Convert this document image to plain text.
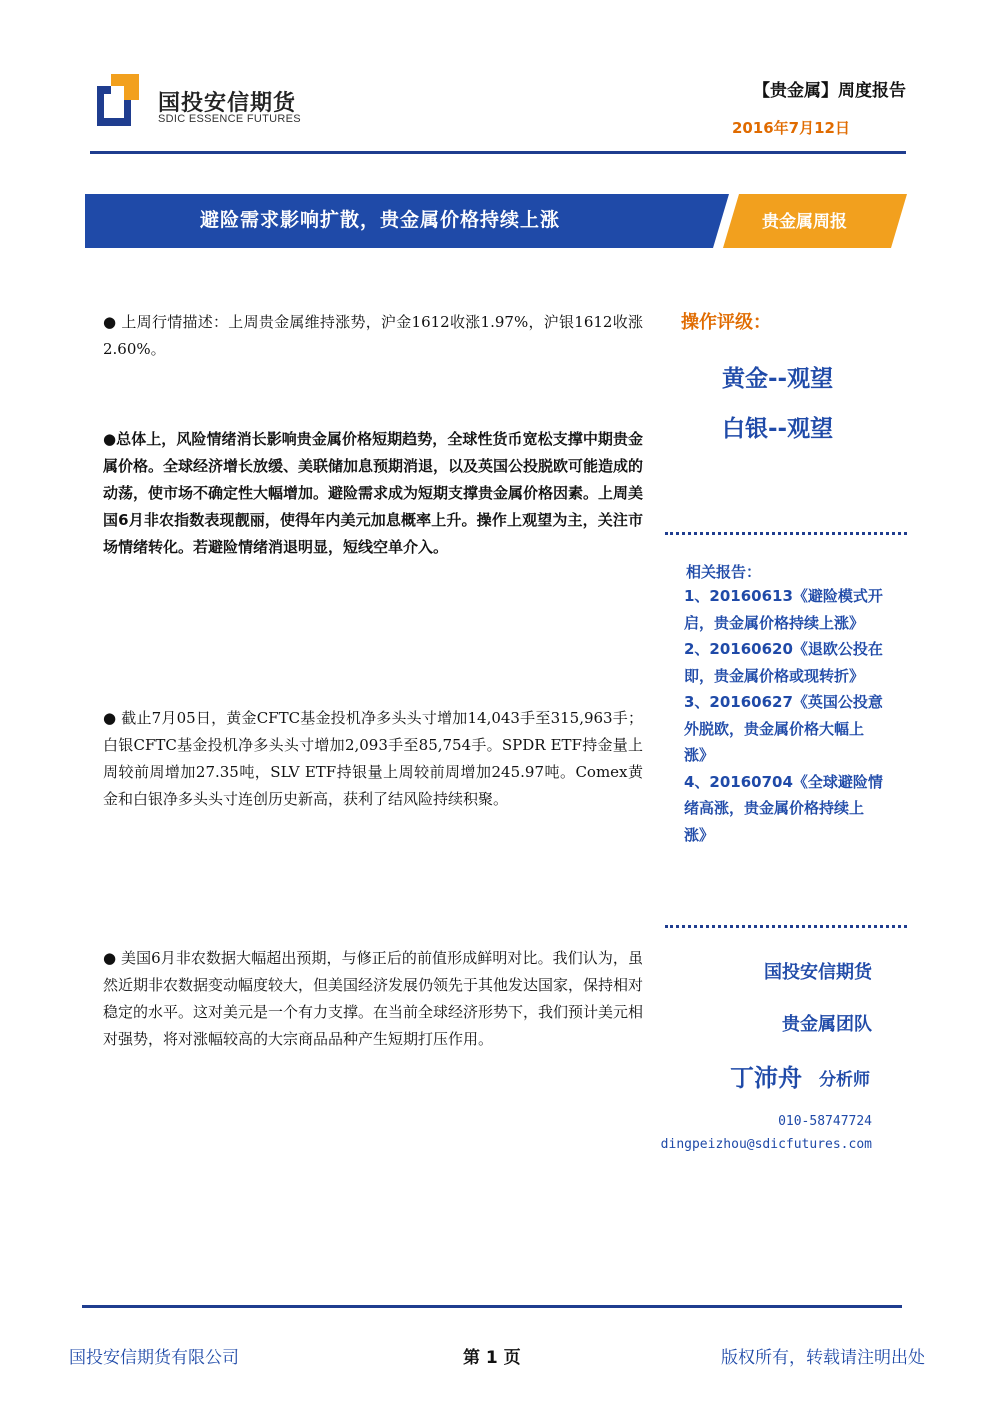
国投安信期货
SDIC ESSENCE FUTURES
【贵金属】周度报告
2016年7月12日
避险需求影响扩散，贵金属价格持续上涨	贵金属周报
● 上周行情描述：上周贵金属维持涨势，沪金1612收涨1.97%，沪银1612收涨2.60%。
●总体上，风险情绪消长影响贵金属价格短期趋势，全球性货币宽松支撑中期贵金属价格。全球经济增长放缓、美联储加息预期消退，以及英国公投脱欧可能造成的动荡，使市场不确定性大幅增加。避险需求成为短期支撑贵金属价格因素。上周美国6月非农指数表现靓丽，使得年内美元加息概率上升。操作上观望为主，关注市场情绪转化。若避险情绪消退明显，短线空单介入。
● 截止7月05日，黄金CFTC基金投机净多头头寸增加14,043手至315,963手；白银CFTC基金投机净多头头寸增加2,093手至85,754手。SPDR ETF持金量上周较前周增加27.35吨，SLV ETF持银量上周较前周增加245.97吨。Comex黄金和白银净多头头寸连创历史新高，获利了结风险持续积聚。
● 美国6月非农数据大幅超出预期，与修正后的前值形成鲜明对比。我们认为，虽然近期非农数据变动幅度较大，但美国经济发展仍领先于其他发达国家，保持相对稳定的水平。这对美元是一个有力支撑。在当前全球经济形势下，我们预计美元相对强势，将对涨幅较高的大宗商品品种产生短期打压作用。
操作评级：
黄金--观望
白银--观望
相关报告：
1、20160613《避险模式开启，贵金属价格持续上涨》
2、20160620《退欧公投在即，贵金属价格或现转折》
3、20160627《英国公投意外脱欧，贵金属价格大幅上涨》
4、20160704《全球避险情绪高涨，贵金属价格持续上涨》
国投安信期货
贵金属团队
丁沛舟 分析师
010-58747724
dingpeizhou@sdicfutures.com
国投安信期货有限公司	第 1 页	版权所有，转载请注明出处
